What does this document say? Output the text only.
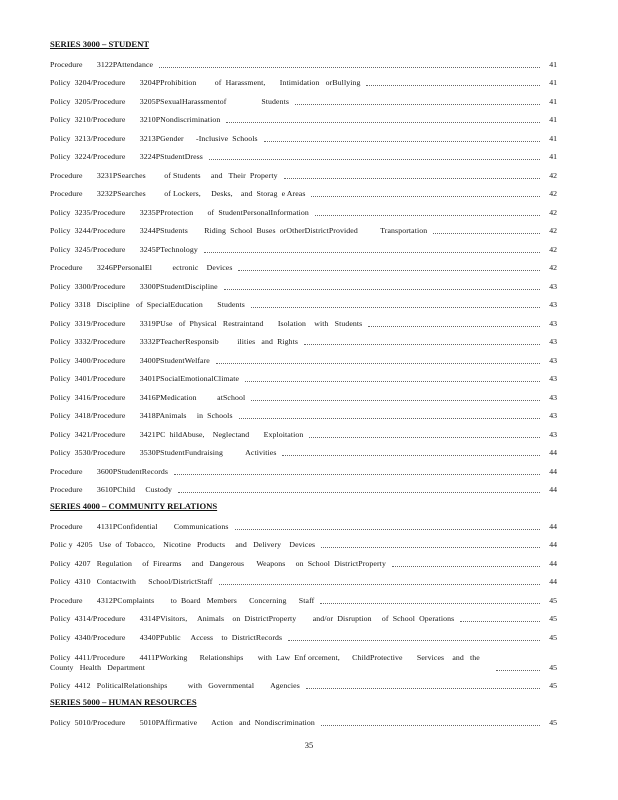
SERIES 3000 – STUDENT
Procedure       3122PAttendance	41
Policy  3204/Procedure       3204PProhibition         of  Harassment,       Intimidation   orBullying	41
Policy  3205/Procedure       3205PSexualHarassmentof                 Students	41
Policy  3210/Procedure       3210PNondiscrimination	41
Policy  3213/Procedure       3213PGender      -Inclusive  Schools	41
Policy  3224/Procedure       3224PStudentDress	41
Procedure       3231PSearches         of Students     and   Their  Property	42
Procedure       3232PSearches         of Lockers,     Desks,    and  Storag  e Areas	42
Policy  3235/Procedure       3235PProtection       of  StudentPersonalInformation	42
Policy  3244/Procedure       3244PStudents        Riding  School  Buses  orOtherDistrictProvided           Transportation	42
Policy  3245/Procedure       3245PTechnology	42
Procedure       3246PPersonalEl          ectronic    Devices	42
Policy  3300/Procedure       3300PStudentDiscipline	43
Policy  3318   Discipline   of  SpecialEducation       Students	43
Policy  3319/Procedure       3319PUse   of  Physical   Restraintand       Isolation    with   Students	43
Policy  3332/Procedure       3332PTeacherResponsib         ilities   and  Rights	43
Policy  3400/Procedure       3400PStudentWelfare	43
Policy  3401/Procedure       3401PSocialEmotionalClimate	43
Policy  3416/Procedure       3416PMedication          atSchool	43
Policy  3418/Procedure       3418PAnimals     in  Schools	43
Policy  3421/Procedure       3421PC  hildAbuse,    Neglectand       Exploitation	43
Policy  3530/Procedure       3530PStudentFundraising           Activities	44
Procedure       3600PStudentRecords	44
Procedure       3610PChild     Custody	44
SERIES 4000 – COMMUNITY RELATIONS
Procedure       4131PConfidential        Communications	44
Polic y  4205   Use  of  Tobacco,    Nicotine   Products     and   Delivery    Devices	44
Policy  4207   Regulation     of  Firearms     and   Dangerous      Weapons     on  School  DistrictProperty	44
Policy  4310   Contactwith      School/DistrictStaff	44
Procedure       4312PComplaints        to  Board   Members      Concerning      Staff	45
Policy  4314/Procedure       4314PVisitors,     Animals    on  DistrictProperty        and/or  Disruption     of  School  Operations	45
Policy  4340/Procedure       4340PPublic     Access    to  DistrictRecords	45
Policy  4411/Procedure       4411PWorking      Relationships       with  Law  Enf orcement,      ChildProtective       Services    and   the
County   Health   Department	45
Policy  4412   PoliticalRelationships          with   Governmental        Agencies	45
SERIES 5000 – HUMAN RESOURCES
Policy  5010/Procedure       5010PAffirmative       Action   and  Nondiscrimination	45
35
